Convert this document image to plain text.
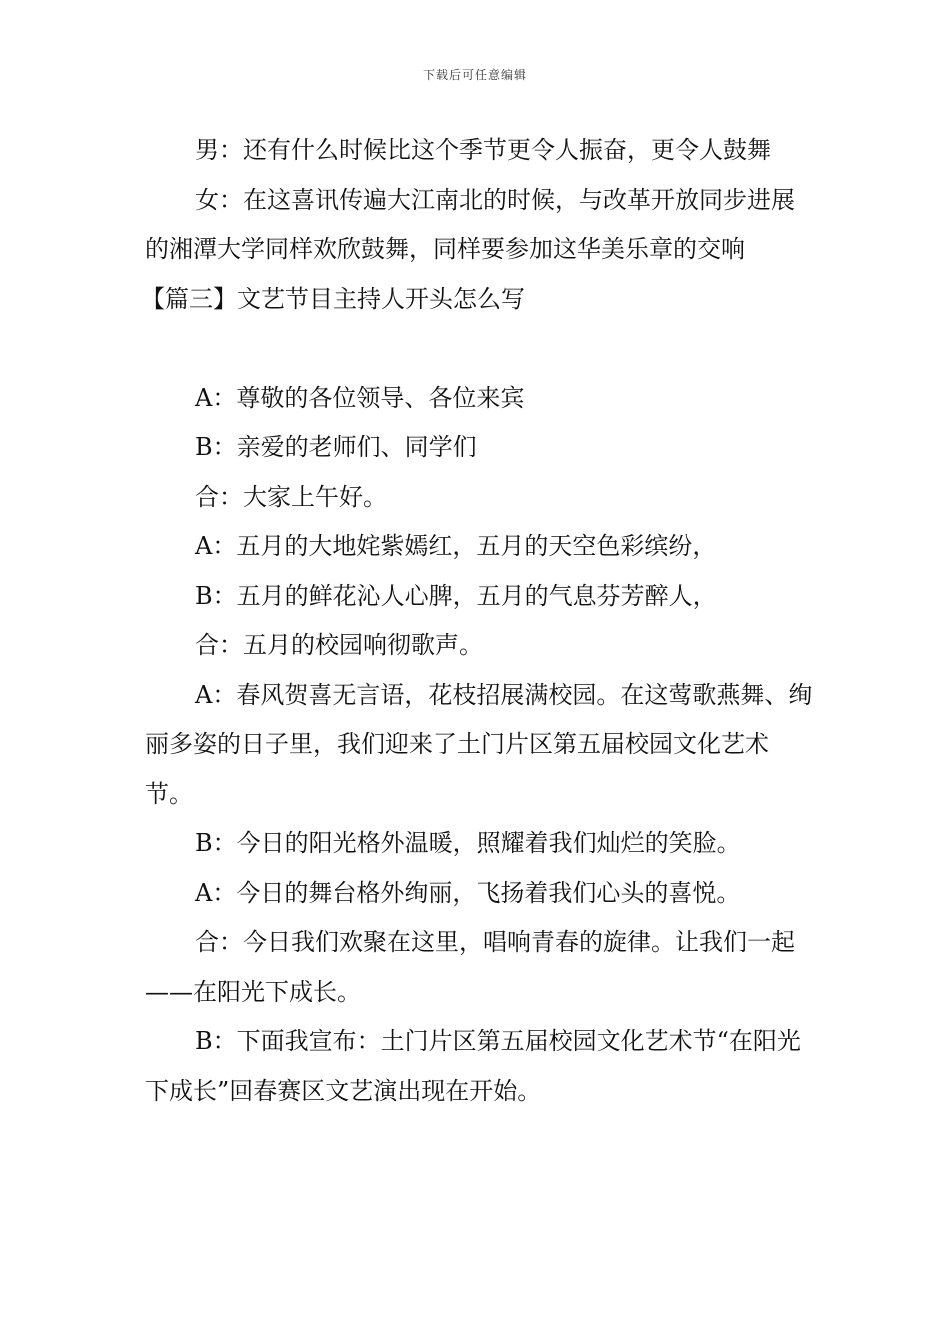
下载后可任意编辑

男：还有什么时候比这个季节更令人振奋，更令人鼓舞

女：在这喜讯传遍大江南北的时候，与改革开放同步进展的湘潭大学同样欢欣鼓舞，同样要参加这华美乐章的交响

【篇三】文艺节目主持人开头怎么写

A：尊敬的各位领导、各位来宾

B：亲爱的老师们、同学们

合：大家上午好。

A：五月的大地姹紫嫣红，五月的天空色彩缤纷，

B：五月的鲜花沁人心脾，五月的气息芬芳醉人，

合：五月的校园响彻歌声。

A：春风贺喜无言语，花枝招展满校园。在这莺歌燕舞、绚丽多姿的日子里，我们迎来了土门片区第五届校园文化艺术节。

B：今日的阳光格外温暖，照耀着我们灿烂的笑脸。

A：今日的舞台格外绚丽，飞扬着我们心头的喜悦。

合：今日我们欢聚在这里，唱响青春的旋律。让我们一起——在阳光下成长。

B：下面我宣布：土门片区第五届校园文化艺术节“在阳光下成长”回春赛区文艺演出现在开始。
